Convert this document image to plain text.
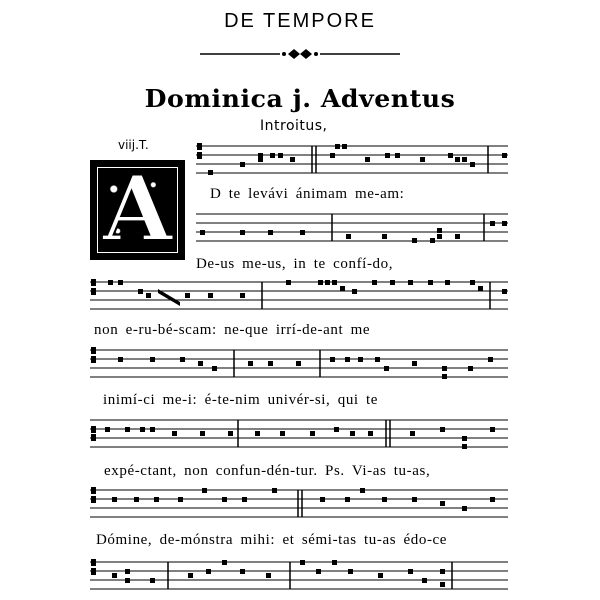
DE TEMPORE
Dominica j. Adventus
Introitus,
viij.T.
A	D te levávi ánimam me-am:
De-us me-us, in te confí-do,
non e-ru-bé-scam: ne-que irrí-de-ant me
inimí-ci me-i: é-te-nim univér-si, qui te
expé-ctant, non confun-dén-tur. Ps. Vi-as tu-as,
Dómine, de-mónstra mihi: et sémi-tas tu-as édo-ce
